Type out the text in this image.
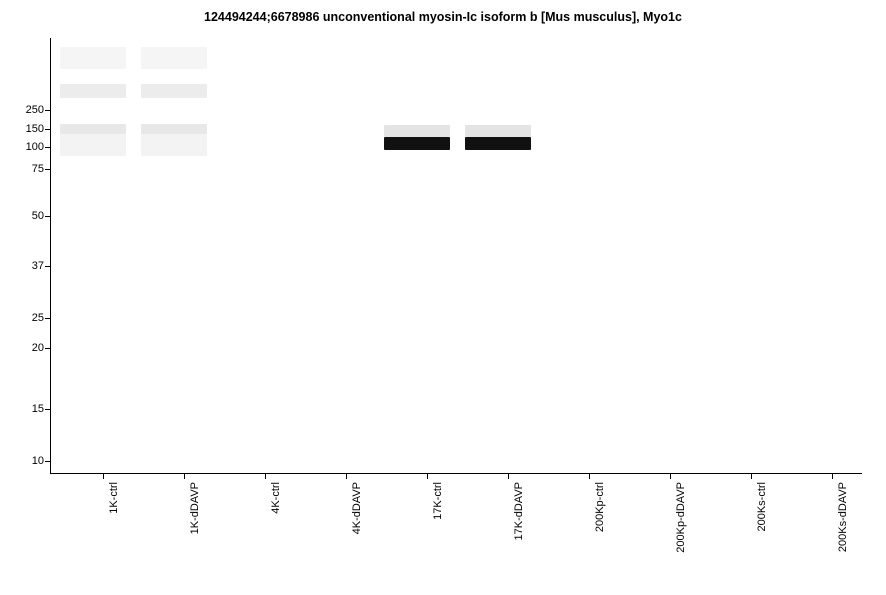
124494244;6678986 unconventional myosin-Ic isoform b [Mus musculus], Myo1c
250
150
100
75
50
37
25
20
15
10
1K-ctrl	1K-dDAVP	4K-ctrl	4K-dDAVP	17K-ctrl	17K-dDAVP	200Kp-ctrl	200Kp-dDAVP	200Ks-ctrl	200Ks-dDAVP
